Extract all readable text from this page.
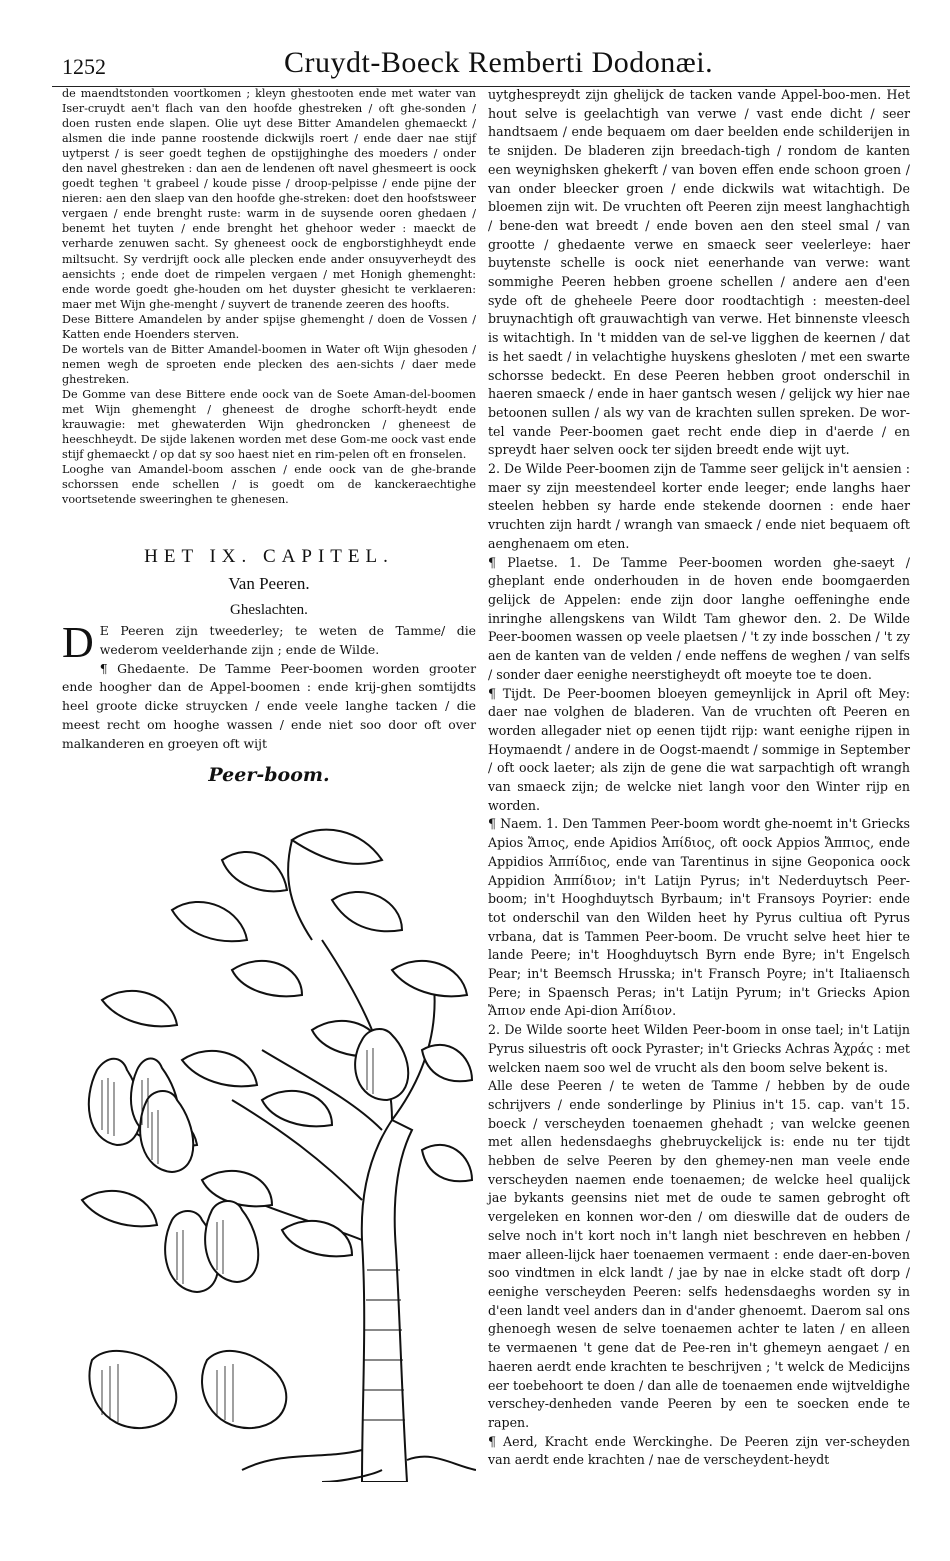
1252	Cruydt-Boeck Remberti Dodonæi.

de maendtstonden voortkomen ; kleyn ghestooten ende met water van Iser-cruydt aen't flach van den hoofde ghestreken / oft ghe-sonden / doen rusten ende slapen. Olie uyt dese Bitter Amandelen ghemaeckt / alsmen die inde panne roostende dickwijls roert / ende daer nae stijf uytperst / is seer goedt teghen de opstijghinghe des moeders / onder den navel ghestreken : dan aen de lendenen oft navel ghesmeert is oock goedt teghen 't grabeel / koude pisse / droop-pelpisse / ende pijne der nieren: aen den slaep van den hoofde ghe-streken: doet den hoofstsweer vergaen / ende brenght ruste: warm in de suysende ooren ghedaen / benemt het tuyten / ende brenght het ghehoor weder : maeckt de verharde zenuwen sacht. Sy gheneest oock de engborstighheydt ende miltsucht. Sy verdrijft oock alle plecken ende ander onsuyverheydt des aensichts ; ende doet de rimpelen vergaen / met Honigh ghemenght: ende worde goedt ghe-houden om het duyster ghesicht te verklaeren: maer met Wijn ghe-menght / suyvert de tranende zeeren des hoofts.

Dese Bittere Amandelen by ander spijse ghemenght / doen de Vossen / Katten ende Hoenders sterven.

De wortels van de Bitter Amandel-boomen in Water oft Wijn ghesoden / nemen wegh de sproeten ende plecken des aen-sichts / daer mede ghestreken.

De Gomme van dese Bittere ende oock van de Soete Aman-del-boomen met Wijn ghemenght / gheneest de droghe schorft-heydt ende krauwagie: met ghewaterden Wijn ghedroncken / gheneest de heeschheydt. De sijde lakenen worden met dese Gom-me oock vast ende stijf ghemaeckt / op dat sy soo haest niet en rim-pelen oft en fronselen.

Looghe van Amandel-boom asschen / ende oock van de ghe-brande schorssen ende schellen / is goedt om de kanckeraechtighe voortsetende sweeringhen te ghenesen.

HET IX. CAPITEL.
Van Peeren.
Gheslachten.
D E Peeren zijn tweederley; te weten de Tamme/ die wederom veelderhande zijn ; ende de Wilde.

¶ Ghedaente. De Tamme Peer-boomen worden grooter ende hoogher dan de Appel-boomen : ende krij-ghen somtijdts heel groote dicke struycken / ende veele langhe tacken / die meest recht om hooghe wassen / ende niet soo door oft over malkanderen en groeyen oft wijt

Peer-boom.

uytghespreydt zijn ghelijck de tacken vande Appel-boo-men. Het hout selve is geelachtigh van verwe / vast ende dicht / seer handtsaem / ende bequaem om daer beelden ende schilderijen in te snijden. De bladeren zijn breedach-tigh / rondom de kanten een weynighsken ghekerft / van boven effen ende schoon groen / van onder bleecker groen / ende dickwils wat witachtigh. De bloemen zijn wit. De vruchten oft Peeren zijn meest langhachtigh / bene-den wat breedt / ende boven aen den steel smal / van grootte / ghedaente verwe en smaeck seer veelerleye: haer buytenste schelle is oock niet eenerhande van verwe: want sommighe Peeren hebben groene schellen / andere aen d'een syde oft de gheheele Peere door roodtachtigh : meesten-deel bruynachtigh oft grauwachtigh van verwe. Het binnenste vleesch is witachtigh. In 't midden van de sel-ve ligghen de keernen / dat is het saedt / in velachtighe huyskens ghesloten / met een swarte schorsse bedeckt. En dese Peeren hebben groot onderschil in haeren smaeck / ende in haer gantsch wesen / gelijck wy hier nae betoonen sullen / als wy van de krachten sullen spreken. De wor-tel vande Peer-boomen gaet recht ende diep in d'aerde / en spreydt haer selven oock ter sijden breedt ende wijt uyt.

2. De Wilde Peer-boomen zijn de Tamme seer gelijck in't aensien : maer sy zijn meestendeel korter ende leeger; ende langhs haer steelen hebben sy harde ende stekende doornen : ende haer vruchten zijn hardt / wrangh van smaeck / ende niet bequaem oft aenghenaem om eten.

¶ Plaetse. 1. De Tamme Peer-boomen worden ghe-saeyt / gheplant ende onderhouden in de hoven ende boomgaerden gelijck de Appelen: ende zijn door langhe oeffeninghe ende inringhe allengskens van Wildt Tam ghewor den. 2. De Wilde Peer-boomen wassen op veele plaetsen / 't zy inde bosschen / 't zy aen de kanten van de velden / ende neffens de weghen / van selfs / sonder daer eenighe neerstigheydt oft moeyte toe te doen.

¶ Tijdt. De Peer-boomen bloeyen gemeynlijck in April oft Mey: daer nae volghen de bladeren. Van de vruchten oft Peeren en worden allegader niet op eenen tijdt rijp: want eenighe rijpen in Hoymaendt / andere in de Oogst-maendt / sommige in September / oft oock laeter; als zijn de gene die wat sarpachtigh oft wrangh van smaeck zijn; de welcke niet langh voor den Winter rijp en worden.

¶ Naem. 1. Den Tammen Peer-boom wordt ghe-noemt in't Griecks Apios Ἄπιος, ende Apidios Ἀπίδιος, oft oock Appios Ἄππιος, ende Appidios Ἀππίδιος, ende van Tarentinus in sijne Geoponica oock Appidion Ἀππίδιον; in't Latijn Pyrus; in't Nederduytsch Peer-boom; in't Hooghduytsch Byrbaum; in't Fransoys Poyrier: ende tot onderschil van den Wilden heet hy Pyrus cultiua oft Pyrus vrbana, dat is Tammen Peer-boom. De vrucht selve heet hier te lande Peere; in't Hooghduytsch Byrn ende Byre; in't Engelsch Pear; in't Beemsch Hrusska; in't Fransch Poyre; in't Italiaensch Pere; in Spaensch Peras; in't Latijn Pyrum; in't Griecks Apion Ἄπιον ende Api-dion Ἀπίδιον.

2. De Wilde soorte heet Wilden Peer-boom in onse tael; in't Latijn Pyrus siluestris oft oock Pyraster; in't Griecks Achras Ἀχράς : met welcken naem soo wel de vrucht als den boom selve bekent is.

Alle dese Peeren / te weten de Tamme / hebben by de oude schrijvers / ende sonderlinge by Plinius in't 15. cap. van't 15. boeck / verscheyden toenaemen ghehadt ; van welcke geenen met allen hedensdaeghs ghebruyckelijck is: ende nu ter tijdt hebben de selve Peeren by den ghemey-nen man veele ende verscheyden naemen ende toenaemen; de welcke heel qualijck jae bykants geensins niet met de oude te samen gebroght oft vergeleken en konnen wor-den / om dieswille dat de ouders de selve noch in't kort noch in't langh niet beschreven en hebben / maer alleen-lijck haer toenaemen vermaent : ende daer-en-boven soo vindtmen in elck landt / jae by nae in elcke stadt oft dorp / eenighe verscheyden Peeren: selfs hedensdaeghs worden sy in d'een landt veel anders dan in d'ander ghenoemt. Daerom sal ons ghenoegh wesen de selve toenaemen achter te laten / en alleen te vermaenen 't gene dat de Pee-ren in't ghemeyn aengaet / en haeren aerdt ende krachten te beschrijven ; 't welck de Medicijns eer toebehoort te doen / dan alle de toenaemen ende wijtveldighe verschey-denheden vande Peeren by een te soecken ende te rapen.

¶ Aerd, Kracht ende Werckinghe. De Peeren zijn ver-scheyden van aerdt ende krachten / nae de verscheydent-heydt
